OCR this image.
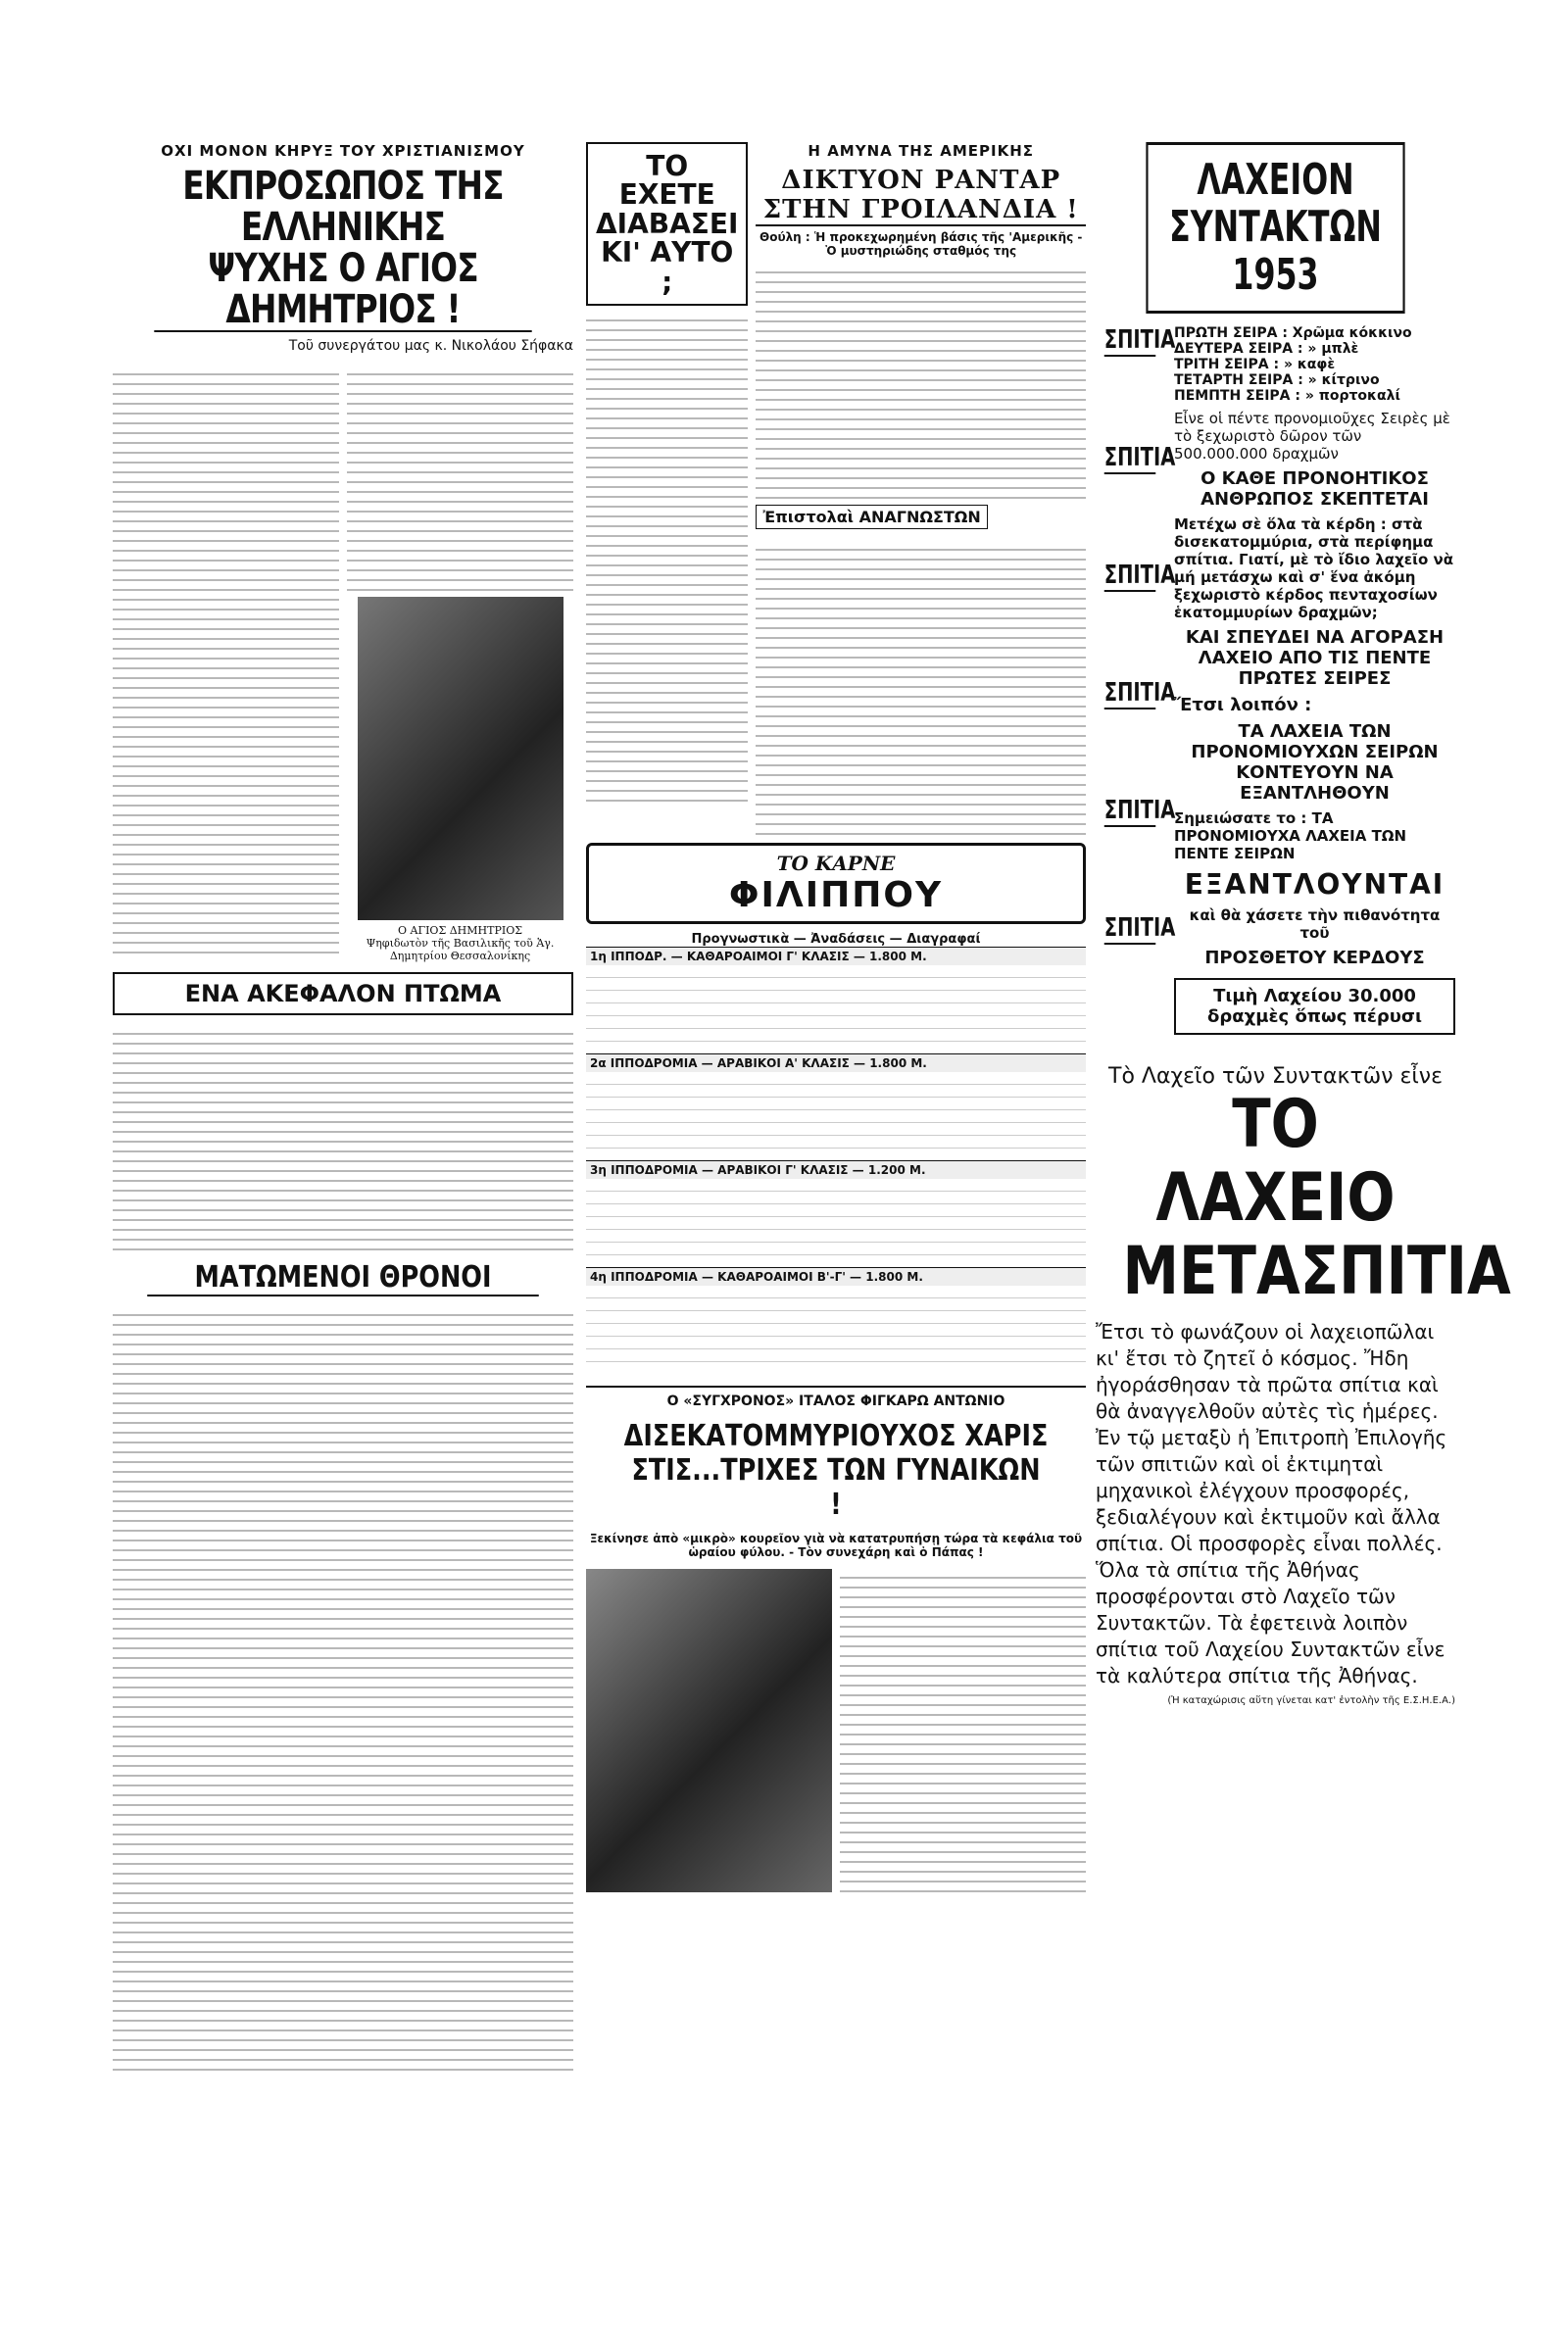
ΟΧΙ ΜΟΝΟΝ ΚΗΡΥΞ ΤΟΥ ΧΡΙΣΤΙΑΝΙΣΜΟΥ
ΕΚΠΡΟΣΩΠΟΣ ΤΗΣ ΕΛΛΗΝΙΚΗΣ
ΨΥΧΗΣ Ο ΑΓΙΟΣ ΔΗΜΗΤΡΙΟΣ !
Τοῦ συνεργάτου μας κ. Νικολάου Σήφακα
Ο ΑΓΙΟΣ ΔΗΜΗΤΡΙΟΣ
Ψηφιδωτὸν τῆς Βασιλικῆς τοῦ Ἁγ. Δημητρίου Θεσσαλονίκης
ΕΝΑ ΑΚΕΦΑΛΟΝ ΠΤΩΜΑ
ΜΑΤΩΜΕΝΟΙ ΘΡΟΝΟΙ
ΤΟ ΕΧΕΤΕ ΔΙΑΒΑΣΕΙ ΚΙ' ΑΥΤΟ ;
Η ΑΜΥΝΑ ΤΗΣ ΑΜΕΡΙΚΗΣ
ΔΙΚΤΥΟΝ ΡΑΝΤΑΡ
ΣΤΗΝ ΓΡΟΙΛΑΝΔΙΑ !
Θούλη : Ἡ προκεχωρημένη βάσις τῆς 'Αμερικῆς - Ὁ μυστηριώδης σταθμός της
Ἐπιστολαὶ ΑΝΑΓΝΩΣΤΩΝ
ΤΟ ΚΑΡΝΕ
ΦΙΛΙΠΠΟΥ
Προγνωστικὰ — Ἀναδάσεις — Διαγραφαί
1η ΙΠΠΟΔΡ. — ΚΑΘΑΡΟΑΙΜΟΙ Γ' ΚΛΑΣΙΣ — 1.800 Μ.
2α ΙΠΠΟΔΡΟΜΙΑ — ΑΡΑΒΙΚΟΙ Α' ΚΛΑΣΙΣ — 1.800 Μ.
3η ΙΠΠΟΔΡΟΜΙΑ — ΑΡΑΒΙΚΟΙ Γ' ΚΛΑΣΙΣ — 1.200 Μ.
4η ΙΠΠΟΔΡΟΜΙΑ — ΚΑΘΑΡΟΑΙΜΟΙ Β'-Γ' — 1.800 Μ.
Ο «ΣΥΓΧΡΟΝΟΣ» ΙΤΑΛΟΣ ΦΙΓΚΑΡΩ ΑΝΤΩΝΙΟ
ΔΙΣΕΚΑΤΟΜΜΥΡΙΟΥΧΟΣ ΧΑΡΙΣ
ΣΤΙΣ...ΤΡΙΧΕΣ ΤΩΝ ΓΥΝΑΙΚΩΝ !
Ξεκίνησε ἀπὸ «μικρὸ» κουρεῖον γιὰ νὰ κατατρυπήσῃ τώρα τὰ κεφάλια τοῦ ὡραίου φύλου. - Τὸν συνεχάρη καὶ ὁ Πάπας !
ΛΑΧΕΙΟΝ ΣΥΝΤΑΚΤΩΝ 1953
ΣΠΙΤΙΑ
ΣΠΙΤΙΑ
ΣΠΙΤΙΑ
ΣΠΙΤΙΑ
ΣΠΙΤΙΑ
ΣΠΙΤΙΑ
ΠΡΩΤΗ ΣΕΙΡΑ : Χρῶμα κόκκινο
ΔΕΥΤΕΡΑ ΣΕΙΡΑ : » μπλὲ
ΤΡΙΤΗ ΣΕΙΡΑ : » καφὲ
ΤΕΤΑΡΤΗ ΣΕΙΡΑ : » κίτρινο
ΠΕΜΠΤΗ ΣΕΙΡΑ : » πορτοκαλί

Εἶνε οἱ πέντε προνομιοῦχες Σειρὲς μὲ τὸ ξεχωριστὸ δῶρον τῶν 500.000.000 δραχμῶν

Ο ΚΑΘΕ ΠΡΟΝΟΗΤΙΚΟΣ ΑΝΘΡΩΠΟΣ ΣΚΕΠΤΕΤΑΙ

Μετέχω σὲ ὅλα τὰ κέρδη : στὰ δισεκατομμύρια, στὰ περίφημα σπίτια. Γιατί, μὲ τὸ ἴδιο λαχεῖο νὰ μή μετάσχω καὶ σ' ἕνα ἀκόμη ξεχωριστὸ κέρδος πενταχοσίων ἑκατομμυρίων δραχμῶν;

ΚΑΙ ΣΠΕΥΔΕΙ ΝΑ ΑΓΟΡΑΣΗ ΛΑΧΕΙΟ ΑΠΟ ΤΙΣ ΠΕΝΤΕ ΠΡΩΤΕΣ ΣΕΙΡΕΣ

Ἔτσι λοιπόν :

ΤΑ ΛΑΧΕΙΑ ΤΩΝ ΠΡΟΝΟΜΙΟΥΧΩΝ ΣΕΙΡΩΝ ΚΟΝΤΕΥΟΥΝ ΝΑ ΕΞΑΝΤΛΗΘΟΥΝ

Σημειώσατε το : ΤΑ ΠΡΟΝΟΜΙΟΥΧΑ ΛΑΧΕΙΑ ΤΩΝ ΠΕΝΤΕ ΣΕΙΡΩΝ

ΕΞΑΝΤΛΟΥΝΤΑΙ

καὶ θὰ χάσετε τὴν πιθανότητα τοῦ

ΠΡΟΣΘΕΤΟΥ ΚΕΡΔΟΥΣ

Τιμὴ Λαχείου 30.000 δραχμὲς ὅπως πέρυσι
Τὸ Λαχεῖο τῶν Συντακτῶν εἶνε
ΤΟ ΛΑΧΕΙΟ
ΜΕΤΑΣΠΙΤΙΑ
Ἔτσι τὸ φωνάζουν οἱ λαχειοπῶλαι κι' ἔτσι τὸ ζητεῖ ὁ κόσμος. Ἤδη ἠγοράσθησαν τὰ πρῶτα σπίτια καὶ θὰ ἀναγγελθοῦν αὐτὲς τὶς ἡμέρες. Ἐν τῷ μεταξὺ ἡ Ἐπιτροπὴ Ἐπιλογῆς τῶν σπιτιῶν καὶ οἱ ἐκτιμηταὶ μηχανικοὶ ἐλέγχουν προσφορές, ξεδιαλέγουν καὶ ἐκτιμοῦν καὶ ἄλλα σπίτια. Οἱ προσφορὲς εἶναι πολλές. Ὅλα τὰ σπίτια τῆς Ἀθήνας προσφέρονται στὸ Λαχεῖο τῶν Συντακτῶν. Τὰ ἐφετεινὰ λοιπὸν σπίτια τοῦ Λαχείου Συντακτῶν εἶνε τὰ καλύτερα σπίτια τῆς Ἀθήνας.
(Ἡ καταχώρισις αὕτη γίνεται κατ' ἐντολὴν τῆς Ε.Σ.Η.Ε.Α.)
